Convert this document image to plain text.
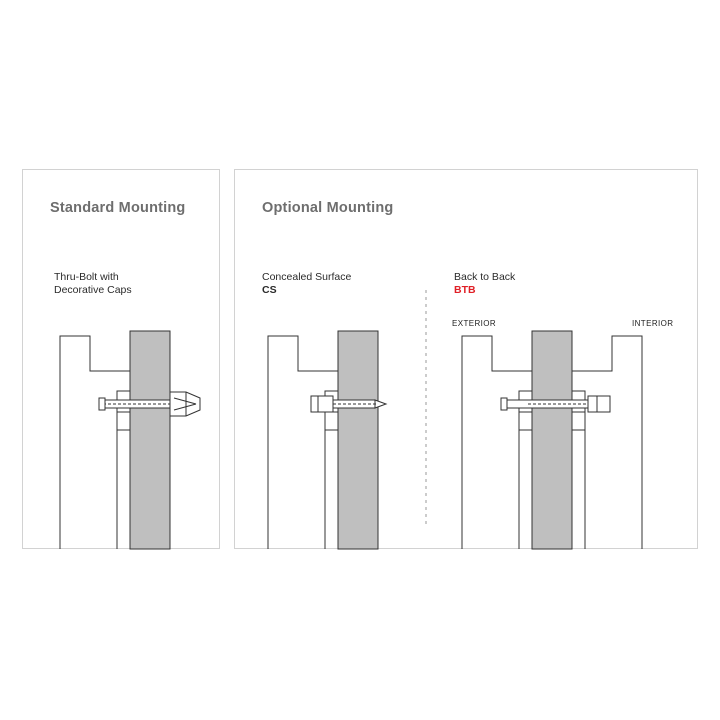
Standard Mounting	Optional Mounting
Thru-Bolt with
Decorative Caps
Concealed Surface
CS
Back to Back
BTB
EXTERIOR	INTERIOR
